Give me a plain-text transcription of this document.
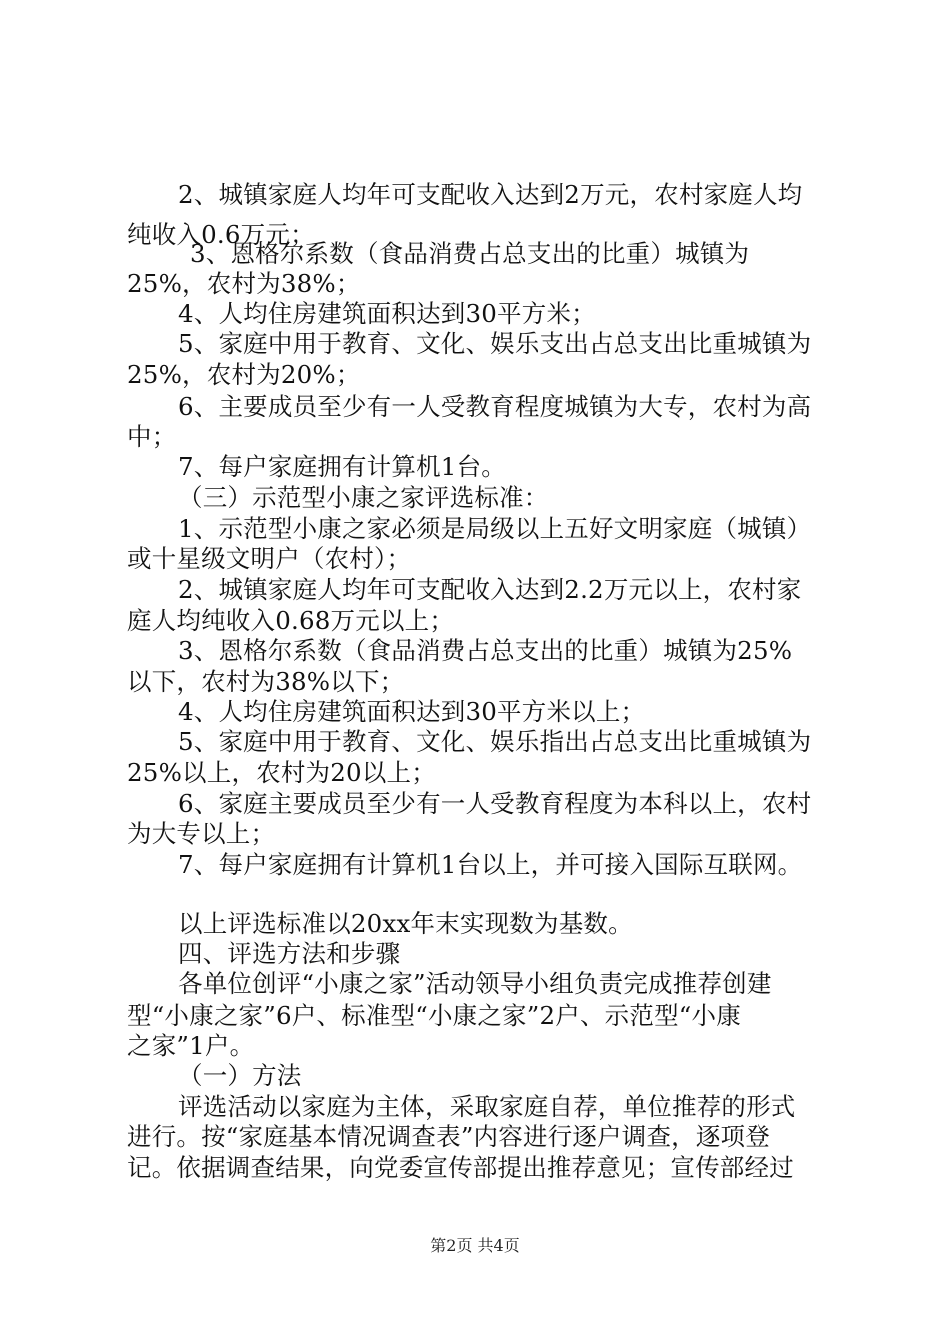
2、城镇家庭人均年可支配收入达到2万元，农村家庭人均
纯收入0.6万元；
3、恩格尔系数（食品消费占总支出的比重）城镇为
25%，农村为38%；
4、人均住房建筑面积达到30平方米；
5、家庭中用于教育、文化、娱乐支出占总支出比重城镇为
25%，农村为20%；
6、主要成员至少有一人受教育程度城镇为大专，农村为高
中；
7、每户家庭拥有计算机1台。
（三）示范型小康之家评选标准：
1、示范型小康之家必须是局级以上五好文明家庭（城镇）
或十星级文明户（农村）；
2、城镇家庭人均年可支配收入达到2.2万元以上，农村家
庭人均纯收入0.68万元以上；
3、恩格尔系数（食品消费占总支出的比重）城镇为25%
以下，农村为38%以下；
4、人均住房建筑面积达到30平方米以上；
5、家庭中用于教育、文化、娱乐指出占总支出比重城镇为
25%以上，农村为20以上；
6、家庭主要成员至少有一人受教育程度为本科以上，农村
为大专以上；
7、每户家庭拥有计算机1台以上，并可接入国际互联网。
以上评选标准以20xx年末实现数为基数。
四、评选方法和步骤
各单位创评“小康之家”活动领导小组负责完成推荐创建
型“小康之家”6户、标准型“小康之家”2户、示范型“小康
之家”1户。
（一）方法
评选活动以家庭为主体，采取家庭自荐，单位推荐的形式
进行。按“家庭基本情况调查表”内容进行逐户调查，逐项登
记。依据调查结果，向党委宣传部提出推荐意见；宣传部经过
第2页 共4页
